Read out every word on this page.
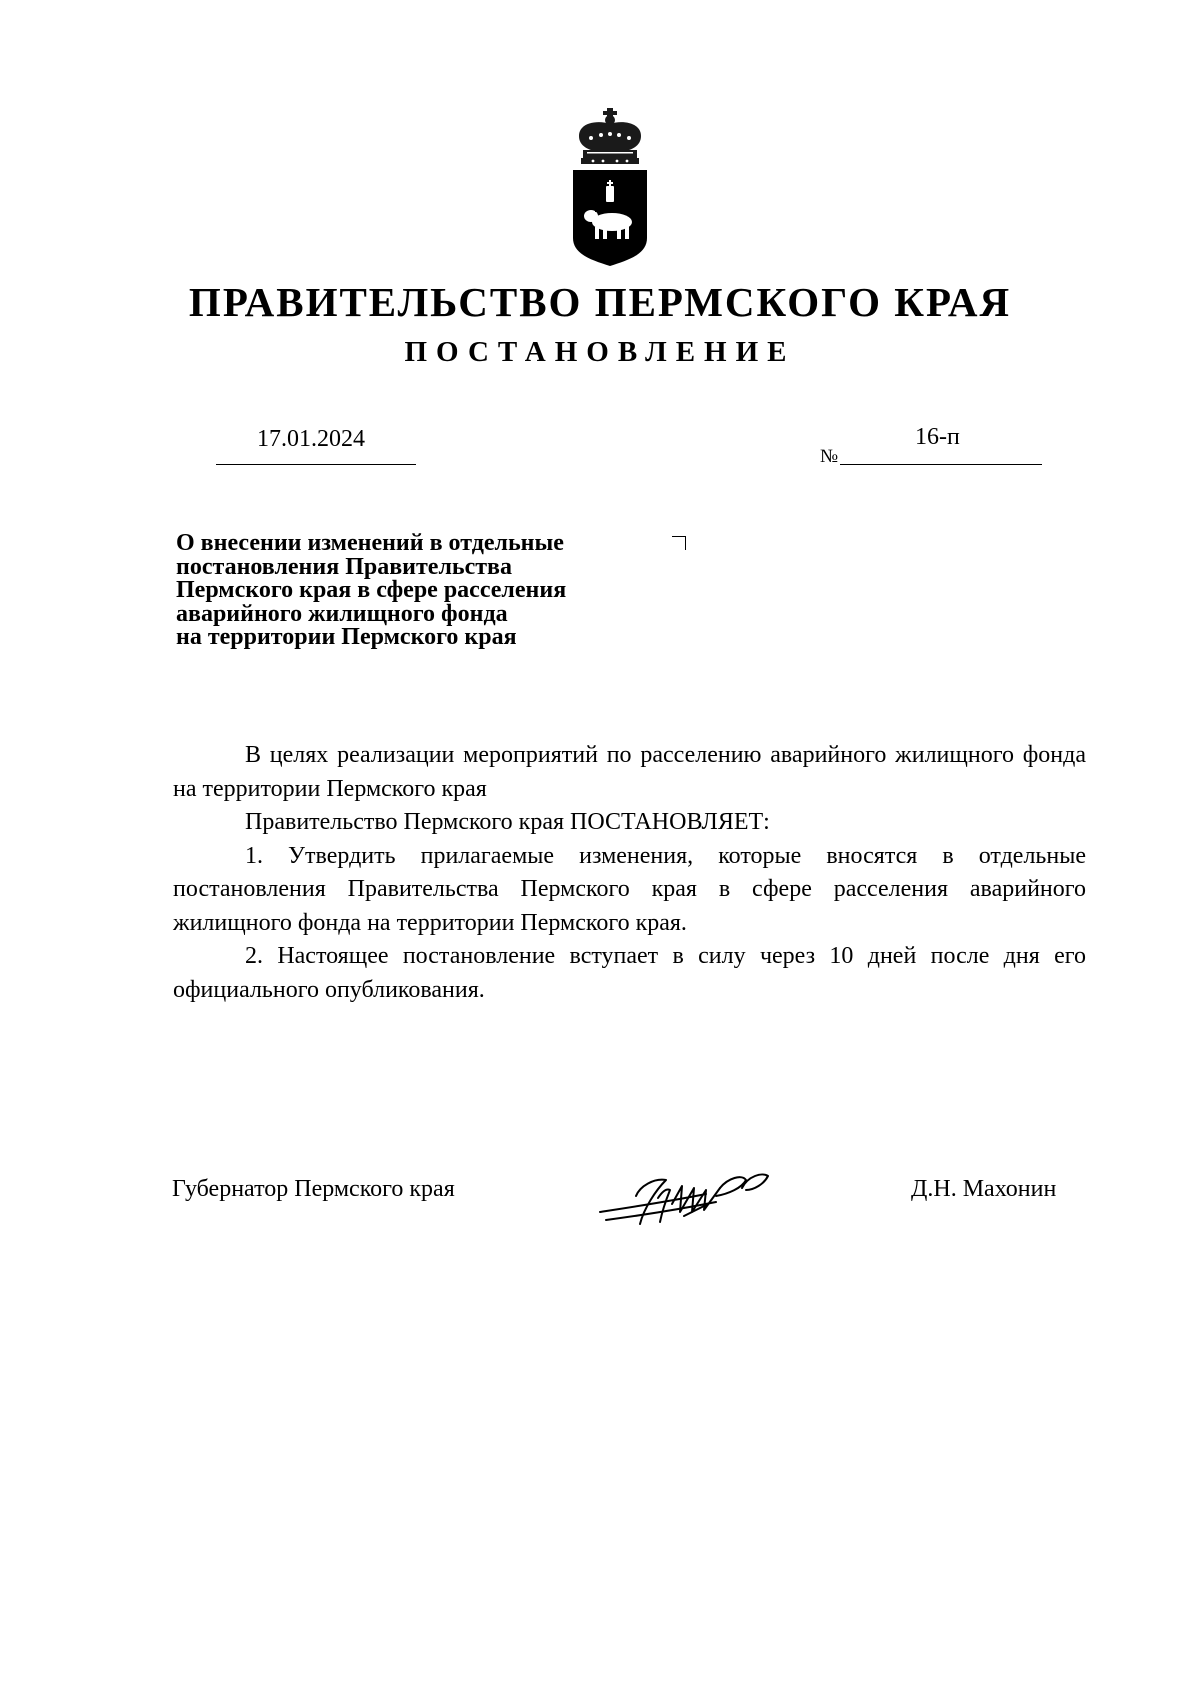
ПРАВИТЕЛЬСТВО ПЕРМСКОГО КРАЯ
ПОСТАНОВЛЕНИЕ
17.01.2024
№
16-п
О внесении изменений в отдельные
постановления Правительства
Пермского края в сфере расселения
аварийного жилищного фонда
на территории Пермского края

В целях реализации мероприятий по расселению аварийного жилищного фонда на территории Пермского края

Правительство Пермского края ПОСТАНОВЛЯЕТ:

1. Утвердить прилагаемые изменения, которые вносятся в отдельные постановления Правительства Пермского края в сфере расселения аварийного жилищного фонда на территории Пермского края.

2. Настоящее постановление вступает в силу через 10 дней после дня его официального опубликования.

Губернатор Пермского края	Д.Н. Махонин
